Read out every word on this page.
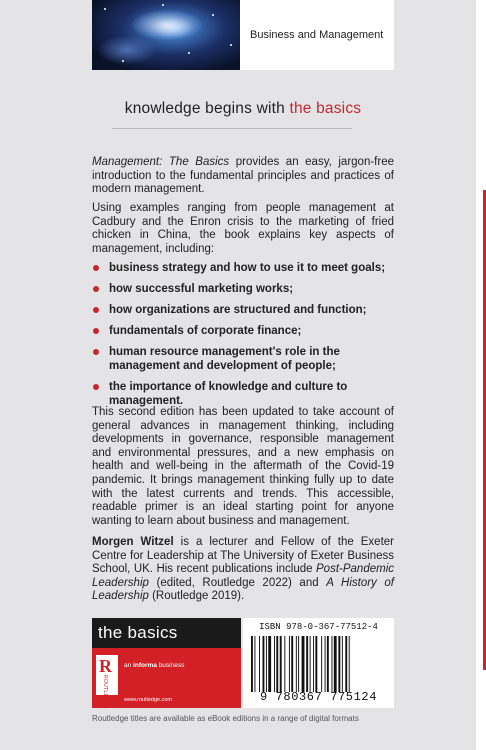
Business and Management
knowledge begins with the basics
Management: The Basics provides an easy, jargon-free introduction to the fundamental principles and practices of modern management.
Using examples ranging from people management at Cadbury and the Enron crisis to the marketing of fried chicken in China, the book explains key aspects of management, including:
business strategy and how to use it to meet goals;
how successful marketing works;
how organizations are structured and function;
fundamentals of corporate finance;
human resource management's role in the management and development of people;
the importance of knowledge and culture to management.
This second edition has been updated to take account of general advances in management thinking, including developments in governance, responsible management and environmental pressures, and a new emphasis on health and well-being in the aftermath of the Covid-19 pandemic. It brings management thinking fully up to date with the latest currents and trends. This accessible, readable primer is an ideal starting point for anyone wanting to learn about business and management.
Morgen Witzel is a lecturer and Fellow of the Exeter Centre for Leadership at The University of Exeter Business School, UK. His recent publications include Post-Pandemic Leadership (edited, Routledge 2022) and A History of Leadership (Routledge 2019).
the basics
R
ROUTLEDGE
an informa business
www.routledge.com
ISBN 978-0-367-77512-4
9 780367 775124
Routledge titles are available as eBook editions in a range of digital formats
